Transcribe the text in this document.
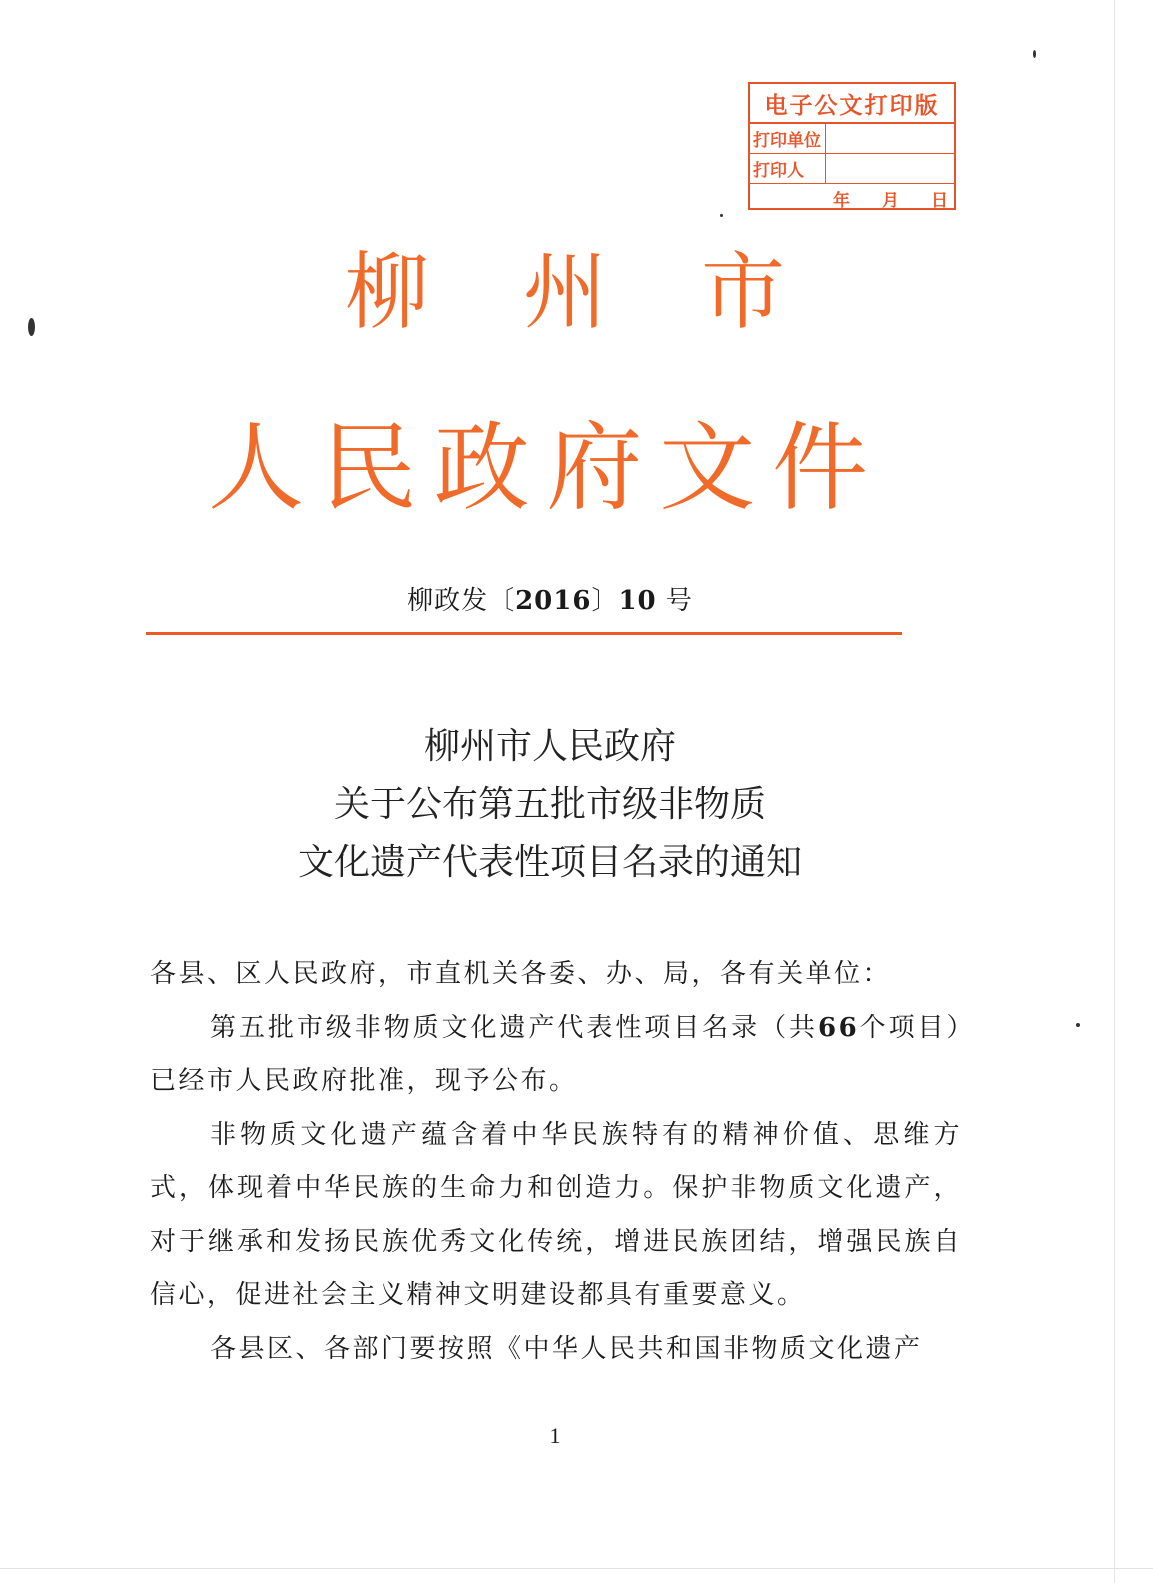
电子公文打印版
打印单位
打印人
年 月 日
柳 州 市
人 民 政 府 文 件
柳政发〔2016〕10 号
柳州市人民政府
关于公布第五批市级非物质
文化遗产代表性项目名录的通知

各县、区人民政府，市直机关各委、办、局，各有关单位：

第五批市级非物质文化遗产代表性项目名录（共66个项目）已经市人民政府批准，现予公布。

非物质文化遗产蕴含着中华民族特有的精神价值、思维方式，体现着中华民族的生命力和创造力。保护非物质文化遗产，对于继承和发扬民族优秀文化传统，增进民族团结，增强民族自信心，促进社会主义精神文明建设都具有重要意义。

各县区、各部门要按照《中华人民共和国非物质文化遗产

1
